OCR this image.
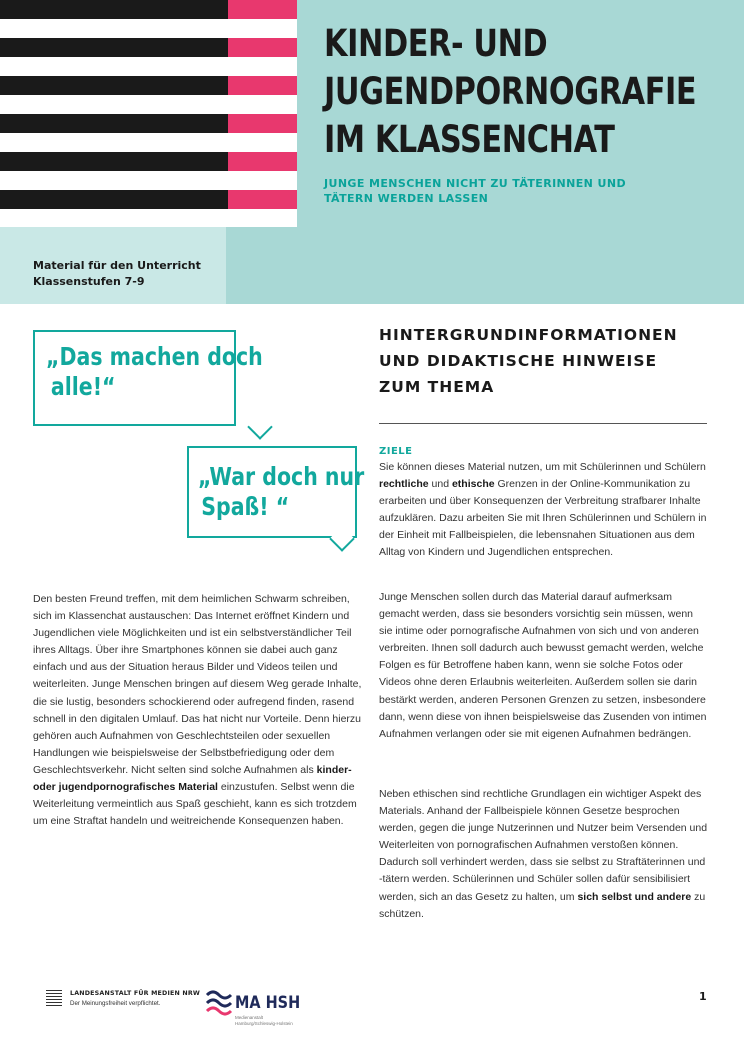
KINDER- UND
JUGENDPORNOGRAFIE
IM KLASSENCHAT
JUNGE MENSCHEN NICHT ZU TÄTERINNEN UND
TÄTERN WERDEN LASSEN
Material für den Unterricht
Klassenstufen 7-9
„Das machen doch
alle!“
„War doch nur
Spaß! “

Den besten Freund treffen, mit dem heimlichen Schwarm schreiben, sich im Klassenchat austauschen: Das Internet eröffnet Kindern und Jugendlichen viele Möglichkeiten und ist ein selbstverständlicher Teil ihres Alltags. Über ihre Smartphones können sie dabei auch ganz einfach und aus der Situation heraus Bilder und Videos teilen und weiterleiten. Junge Menschen bringen auf diesem Weg gerade Inhalte, die sie lustig, besonders schockierend oder aufregend finden, rasend schnell in den digitalen Umlauf. Das hat nicht nur Vorteile. Denn hierzu gehören auch Aufnahmen von Geschlechtsteilen oder sexuellen Handlungen wie beispielsweise der Selbstbefriedigung oder dem Geschlechtsverkehr. Nicht selten sind solche Aufnahmen als kinder- oder jugendpornografisches Material einzustufen. Selbst wenn die Weiterleitung vermeintlich aus Spaß geschieht, kann es sich trotzdem um eine Straftat handeln und weitreichende Konsequenzen haben.

HINTERGRUNDINFORMATIONEN
UND DIDAKTISCHE HINWEISE
ZUM THEMA
ZIELE

Sie können dieses Material nutzen, um mit Schülerinnen und Schülern rechtliche und ethische Grenzen in der Online-Kommunikation zu erarbeiten und über Konsequenzen der Verbreitung strafbarer Inhalte aufzuklären. Dazu arbeiten Sie mit Ihren Schülerinnen und Schülern in der Einheit mit Fallbeispielen, die lebensnahen Situationen aus dem Alltag von Kindern und Jugendlichen entsprechen.

Junge Menschen sollen durch das Material darauf aufmerksam gemacht werden, dass sie besonders vorsichtig sein müssen, wenn sie intime oder pornografische Aufnahmen von sich und von anderen verbreiten. Ihnen soll dadurch auch bewusst gemacht werden, welche Folgen es für Betroffene haben kann, wenn sie solche Fotos oder Videos ohne deren Erlaubnis weiterleiten. Außerdem sollen sie darin bestärkt werden, anderen Personen Grenzen zu setzen, insbesondere dann, wenn diese von ihnen beispielsweise das Zusenden von intimen Aufnahmen verlangen oder sie mit eigenen Aufnahmen bedrängen.

Neben ethischen sind rechtliche Grundlagen ein wichtiger Aspekt des Materials. Anhand der Fallbeispiele können Gesetze besprochen werden, gegen die junge Nutzerinnen und Nutzer beim Versenden und Weiterleiten von pornografischen Aufnahmen verstoßen können. Dadurch soll verhindert werden, dass sie selbst zu Straftäterinnen und -tätern werden. Schülerinnen und Schüler sollen dafür sensibilisiert werden, sich an das Gesetz zu halten, um sich selbst und andere zu schützen.

LANDESANSTALT FÜR MEDIEN NRW
Der Meinungsfreiheit verpflichtet.	MA HSH
Medienanstalt
Hamburg/Schleswig-Holstein
1
